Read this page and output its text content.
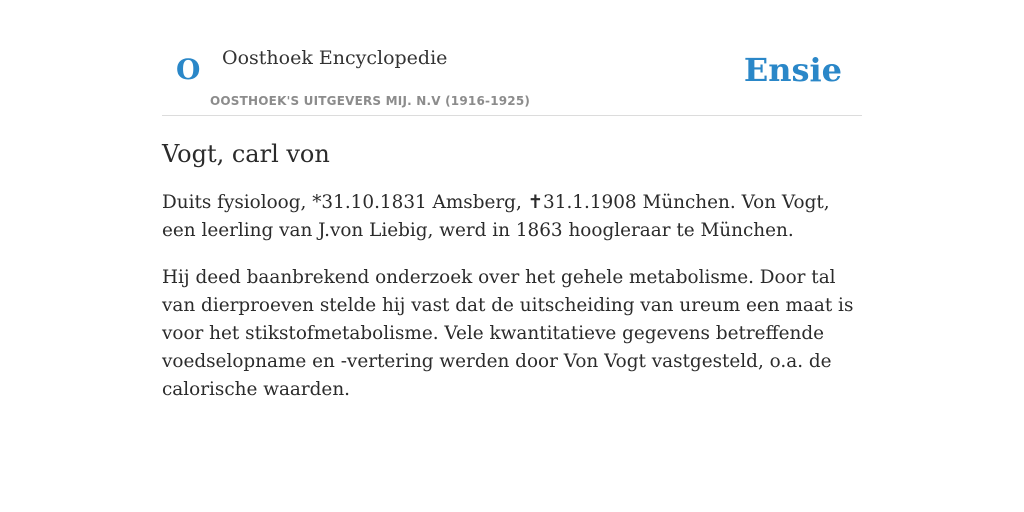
O Oosthoek Encyclopedie
OOSTHOEK'S UITGEVERS MIJ. N.V (1916-1925)
Ensie
Vogt, carl von

Duits fysioloog, *31.10.1831 Amsberg, ✝31.1.1908 München. Von Vogt, een leerling van J.von Liebig, werd in 1863 hoogleraar te München.

Hij deed baanbrekend onderzoek over het gehele metabolisme. Door tal van dierproeven stelde hij vast dat de uitscheiding van ureum een maat is voor het stikstofmetabolisme. Vele kwantitatieve gegevens betreffende voedselopname en -vertering werden door Von Vogt vastgesteld, o.a. de calorische waarden.
